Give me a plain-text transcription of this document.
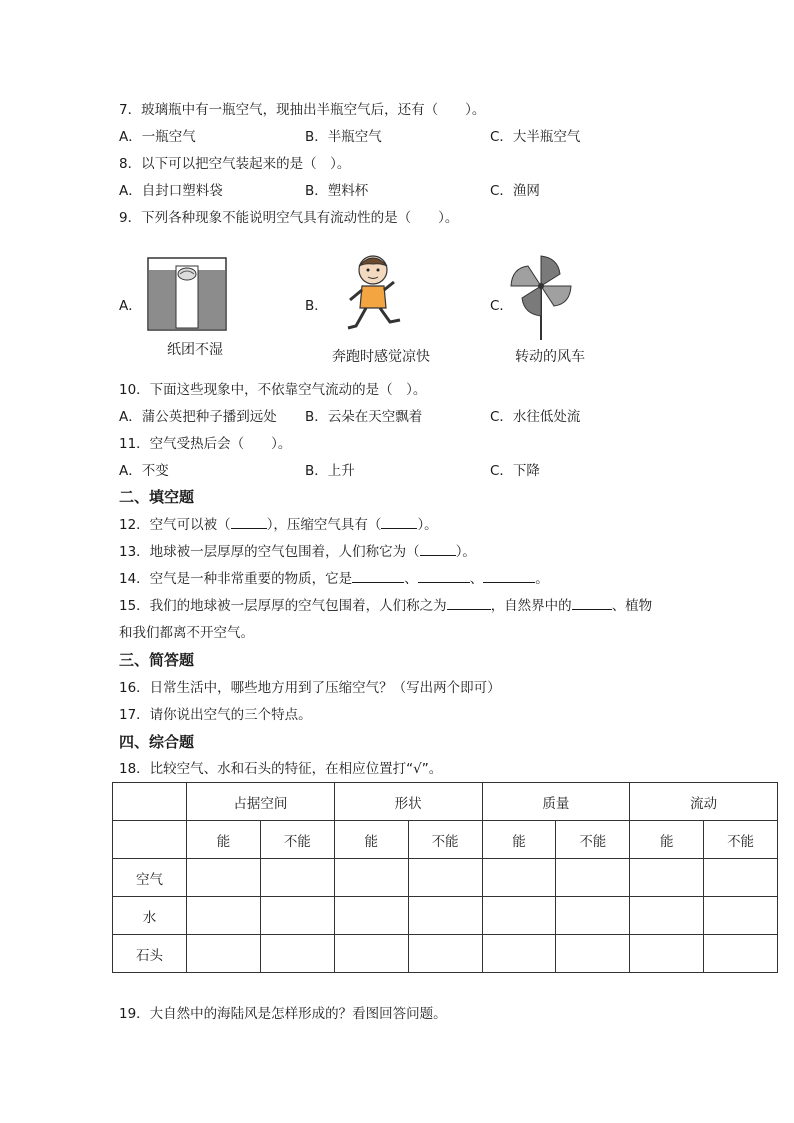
7．玻璃瓶中有一瓶空气，现抽出半瓶空气后，还有（　　）。
A．一瓶空气	B．半瓶空气	C．大半瓶空气
8．以下可以把空气装起来的是（　）。
A．自封口塑料袋	B．塑料杯	C．渔网
9．下列各种现象不能说明空气具有流动性的是（　　）。
A．
纸团不湿
B．
奔跑时感觉凉快
C．
转动的风车
10．下面这些现象中，不依靠空气流动的是（　）。
A．蒲公英把种子播到远处 B．云朵在天空飘着	C．水往低处流
11．空气受热后会（　　）。
A．不变	B．上升	C．下降
二、填空题
12．空气可以被（	），压缩空气具有（	）。
13．地球被一层厚厚的空气包围着，人们称它为（	）。
14．空气是一种非常重要的物质，它是	、	、	。
15．我们的地球被一层厚厚的空气包围着，人们称之为	，自然界中的	、植物
和我们都离不开空气。
三、简答题
16．日常生活中，哪些地方用到了压缩空气？（写出两个即可）
17．请你说出空气的三个特点。
四、综合题
18．比较空气、水和石头的特征，在相应位置打“√”。
	占据空间		形状		质量		流动	
	能	不能	能	不能	能	不能	能	不能
空气								
水								
石头								
19．大自然中的海陆风是怎样形成的？看图回答问题。
